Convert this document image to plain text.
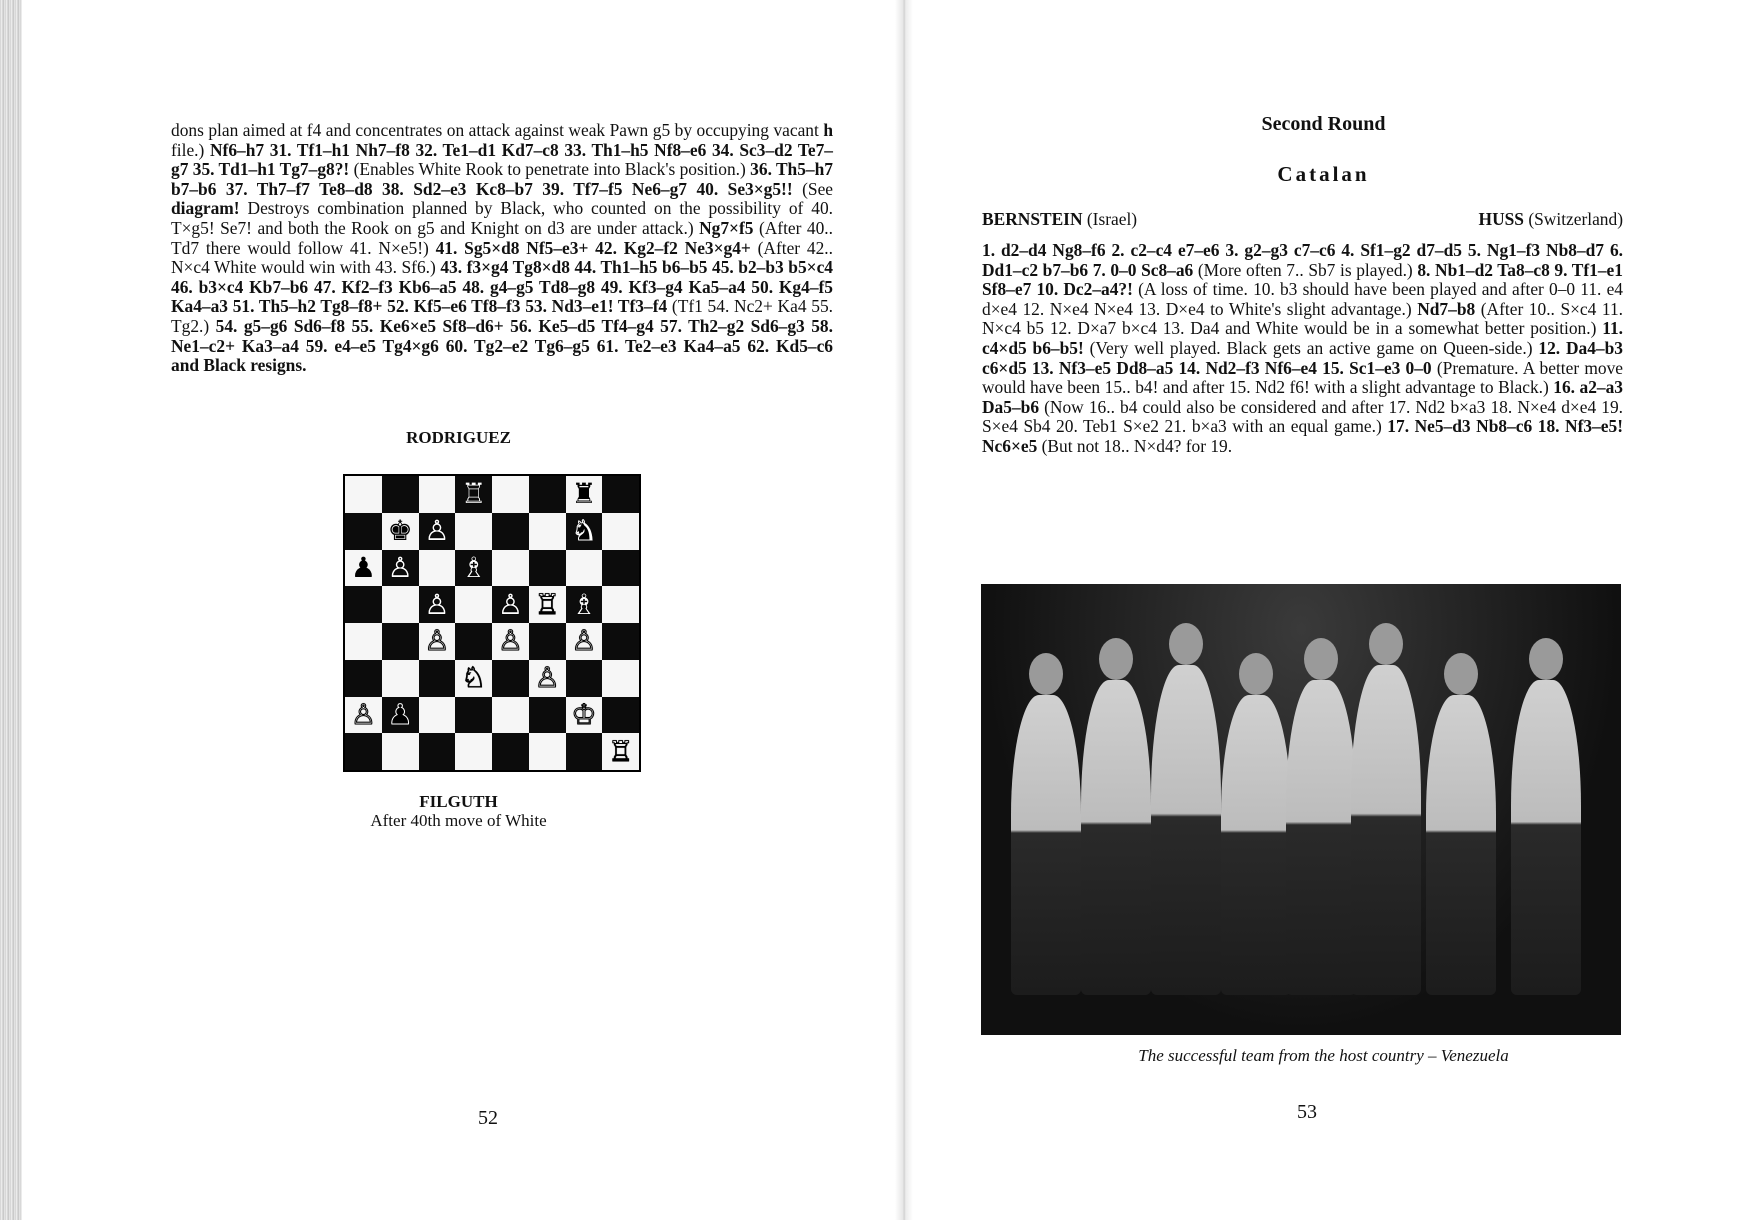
dons plan aimed at f4 and concentrates on attack against weak Pawn g5 by occupying vacant h file.) Nf6–h7 31. Tf1–h1 Nh7–f8 32. Te1–d1 Kd7–c8 33. Th1–h5 Nf8–e6 34. Sc3–d2 Te7–g7 35. Td1–h1 Tg7–g8?! (Enables White Rook to penetrate into Black's position.) 36. Th5–h7 b7–b6 37. Th7–f7 Te8–d8 38. Sd2–e3 Kc8–b7 39. Tf7–f5 Ne6–g7 40. Se3×g5!! (See diagram! Destroys combination planned by Black, who counted on the possibility of 40. T×g5! Se7! and both the Rook on g5 and Knight on d3 are under attack.) Ng7×f5 (After 40.. Td7 there would follow 41. N×e5!) 41. Sg5×d8 Nf5–e3+ 42. Kg2–f2 Ne3×g4+ (After 42.. N×c4 White would win with 43. Sf6.) 43. f3×g4 Tg8×d8 44. Th1–h5 b6–b5 45. b2–b3 b5×c4 46. b3×c4 Kb7–b6 47. Kf2–f3 Kb6–a5 48. g4–g5 Td8–g8 49. Kf3–g4 Ka5–a4 50. Kg4–f5 Ka4–a3 51. Th5–h2 Tg8–f8+ 52. Kf5–e6 Tf8–f3 53. Nd3–e1! Tf3–f4 (Tf1 54. Nc2+ Ka4 55. Tg2.) 54. g5–g6 Sd6–f8 55. Ke6×e5 Sf8–d6+ 56. Ke5–d5 Tf4–g4 57. Th2–g2 Sd6–g3 58. Ne1–c2+ Ka3–a4 59. e4–e5 Tg4×g6 60. Tg2–e2 Tg6–g5 61. Te2–e3 Ka4–a5 62. Kd5–c6 and Black resigns.
RODRIGUEZ
♖	♜
♚ ♙	♞
♟ ♙ ♗
♙ ♙ ♖ ♗
♙ ♙ ♙
♘ ♙
♙ ♟	♔
♖
FILGUTH
After 40th move of White
52
Second Round
Catalan
BERNSTEIN (Israel)	HUSS (Switzerland)
1. d2–d4 Ng8–f6 2. c2–c4 e7–e6 3. g2–g3 c7–c6 4. Sf1–g2 d7–d5 5. Ng1–f3 Nb8–d7 6. Dd1–c2 b7–b6 7. 0–0 Sc8–a6 (More often 7.. Sb7 is played.) 8. Nb1–d2 Ta8–c8 9. Tf1–e1 Sf8–e7 10. Dc2–a4?! (A loss of time. 10. b3 should have been played and after 0–0 11. e4 d×e4 12. N×e4 N×e4 13. D×e4 to White's slight advantage.) Nd7–b8 (After 10.. S×c4 11. N×c4 b5 12. D×a7 b×c4 13. Da4 and White would be in a somewhat better position.) 11. c4×d5 b6–b5! (Very well played. Black gets an active game on Queen-side.) 12. Da4–b3 c6×d5 13. Nf3–e5 Dd8–a5 14. Nd2–f3 Nf6–e4 15. Sc1–e3 0–0 (Premature. A better move would have been 15.. b4! and after 15. Nd2 f6! with a slight advantage to Black.) 16. a2–a3 Da5–b6 (Now 16.. b4 could also be considered and after 17. Nd2 b×a3 18. N×e4 d×e4 19. S×e4 Sb4 20. Teb1 S×e2 21. b×a3 with an equal game.) 17. Ne5–d3 Nb8–c6 18. Nf3–e5! Nc6×e5 (But not 18.. N×d4? for 19.
The successful team from the host country – Venezuela
53
